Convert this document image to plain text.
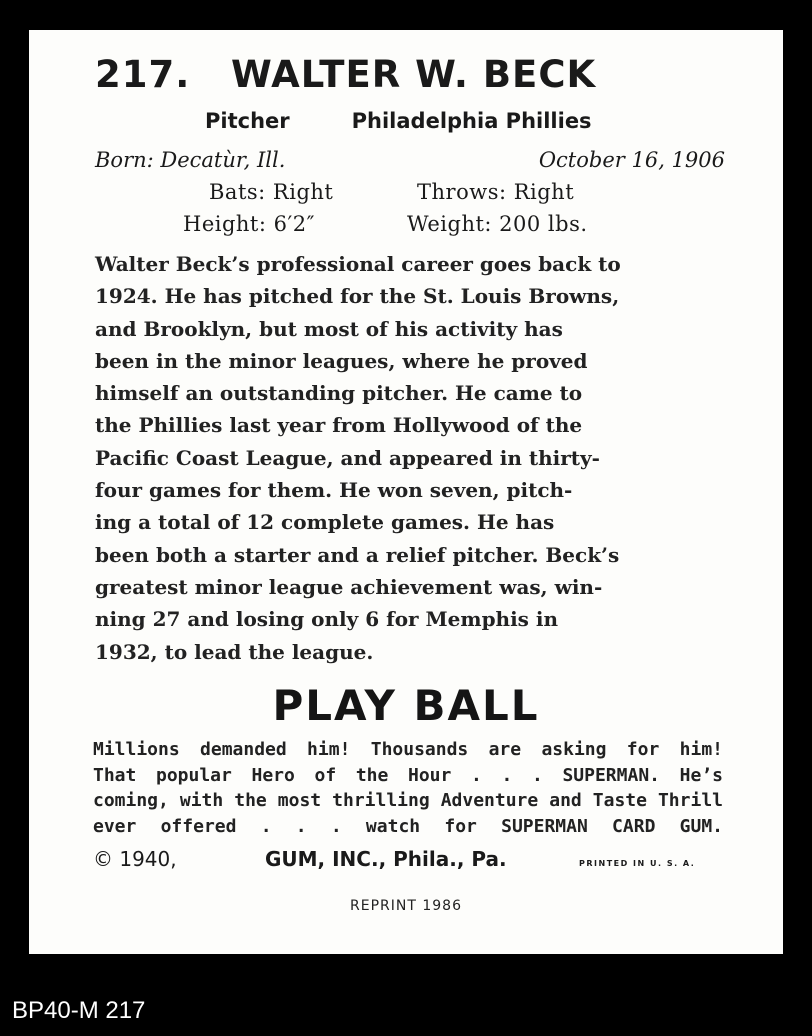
217. WALTER W. BECK
Pitcher	Philadelphia Phillies
Born: Decatùr, Ill.	October 16, 1906
Bats: Right	Throws: Right
Height: 6′2″	Weight: 200 lbs.
Walter Beck’s professional career goes back to
1924. He has pitched for the St. Louis Browns,
and Brooklyn, but most of his activity has
been in the minor leagues, where he proved
himself an outstanding pitcher. He came to
the Phillies last year from Hollywood of the
Pacific Coast League, and appeared in thirty-
four games for them. He won seven, pitch-
ing a total of 12 complete games. He has
been both a starter and a relief pitcher. Beck’s
greatest minor league achievement was, win-
ning 27 and losing only 6 for Memphis in
1932, to lead the league.
PLAY BALL
Millions demanded him! Thousands are asking for him!
That popular Hero of the Hour . . . SUPERMAN. He’s
coming, with the most thrilling Adventure and Taste Thrill
ever offered . . . watch for SUPERMAN CARD GUM.
© 1940,	GUM, INC., Phila., Pa.	PRINTED IN U. S. A.
REPRINT 1986
BP40-M 217
